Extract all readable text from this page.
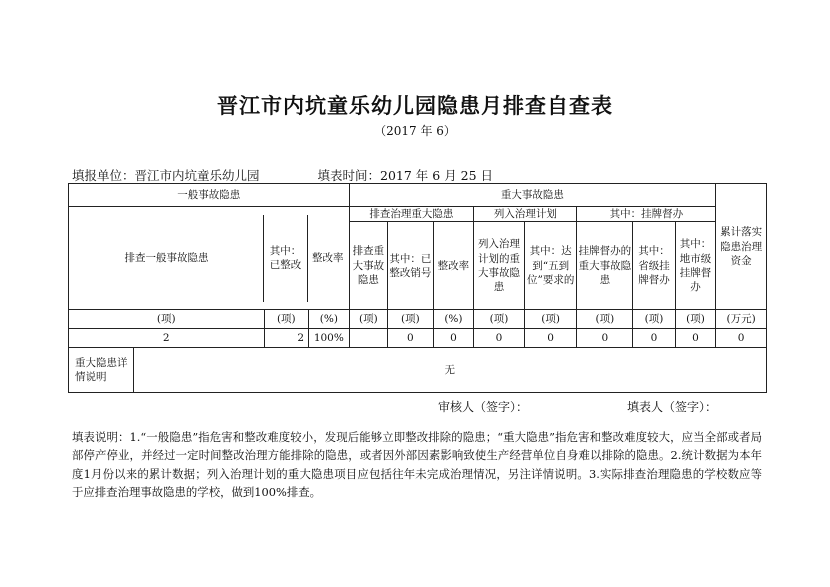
晋江市内坑童乐幼儿园隐患月排查自查表
（2017 年 6）
填报单位：晋江市内坑童乐幼儿园	填表时间：2017 年 6 月 25 日
一般事故隐患	重大事故隐患	累计落实隐患治理资金

排查一般事故隐患	其中：已整改	整改率
	排查治理重大隐患	列入治理计划	其中：挂牌督办
排查重大事故隐患	其中：已整改销号	整改率	列入治理计划的重大事故隐患	其中：达到“五到位”要求的	挂牌督办的重大事故隐患	其中：省级挂牌督办	其中：地市级挂牌督办
(项)	(项)	(%)	(项)	(项)	(%)	(项)	(项)	(项)	(项)	(项)	(万元)
2	2	100%		0	0	0	0	0	0	0	0

重大隐患详情说明	无
审核人（签字）：	填表人（签字）：
填表说明：1.“一般隐患”指危害和整改难度较小，发现后能够立即整改排除的隐患；“重大隐患”指危害和整改难度较大，应当全部或者局部停产停业，并经过一定时间整改治理方能排除的隐患，或者因外部因素影响致使生产经营单位自身难以排除的隐患。2.统计数据为本年度1月份以来的累计数据；列入治理计划的重大隐患项目应包括往年未完成治理情况，另注详情说明。3.实际排查治理隐患的学校数应等于应排查治理事故隐患的学校，做到100%排查。
